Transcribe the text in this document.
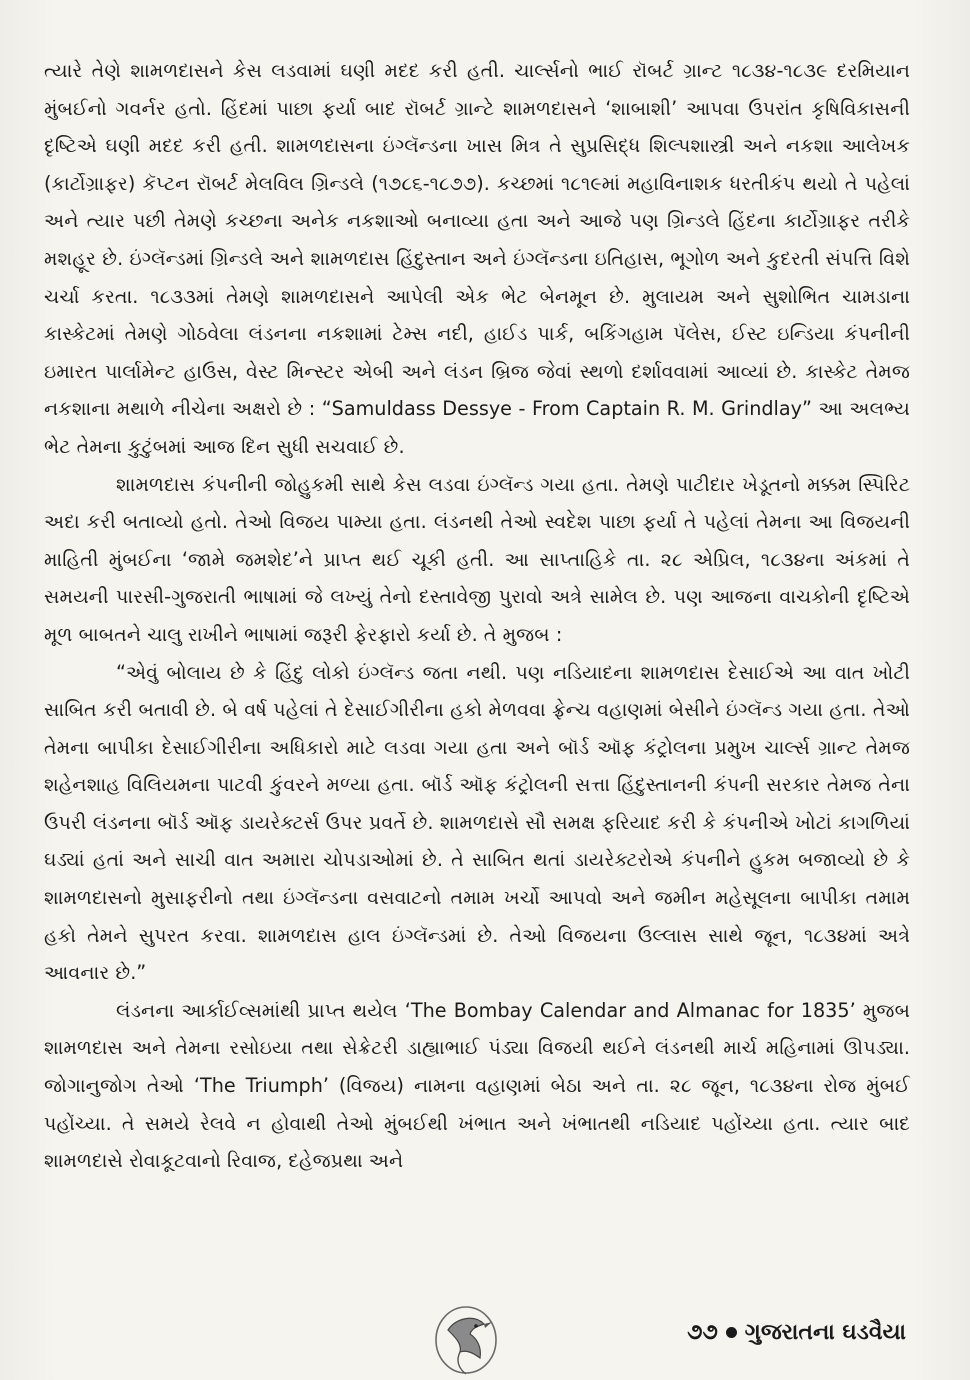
ત્યારે તેણે શામળદાસને કેસ લડવામાં ઘણી મદદ કરી હતી. ચાર્લ્સનો ભાઈ રૉબર્ટ ગ્રાન્ટ ૧૮૩૪-૧૮૩૯ દરમિયાન મુંબઈનો ગવર્નર હતો. હિંદમાં પાછા ફર્યા બાદ રૉબર્ટ ગ્રાન્ટે શામળદાસને ‘શાબાશી’ આપવા ઉપરાંત કૃષિવિકાસની દૃષ્ટિએ ઘણી મદદ કરી હતી. શામળદાસના ઇંગ્લૅન્ડના ખાસ મિત્ર તે સુપ્રસિદ્ધ શિલ્પશાસ્ત્રી અને નકશા આલેખક (કાર્ટોગ્રાફર) કૅપ્ટન રૉબર્ટ મેલવિલ ગ્રિન્ડલે (૧૭૮૬-૧૮૭૭). કચ્છમાં ૧૮૧૯માં મહાવિનાશક ધરતીકંપ થયો તે પહેલાં અને ત્યાર પછી તેમણે કચ્છના અનેક નકશાઓ બનાવ્યા હતા અને આજે પણ ગ્રિન્ડલે હિંદના કાર્ટોગ્રાફર તરીકે મશહૂર છે. ઇંગ્લૅન્ડમાં ગ્રિન્ડલે અને શામળદાસ હિંદુસ્તાન અને ઇંગ્લૅન્ડના ઇતિહાસ, ભૂગોળ અને કુદરતી સંપત્તિ વિશે ચર્ચા કરતા. ૧૮૩૩માં તેમણે શામળદાસને આપેલી એક ભેટ બેનમૂન છે. મુલાયમ અને સુશોભિત ચામડાના કાસ્કેટમાં તેમણે ગોઠવેલા લંડનના નકશામાં ટેમ્સ નદી, હાઈડ પાર્ક, બકિંગહામ પૅલેસ, ઈસ્ટ ઇન્ડિયા કંપનીની ઇમારત પાર્લામેન્ટ હાઉસ, વેસ્ટ મિન્સ્ટર એબી અને લંડન બ્રિજ જેવાં સ્થળો દર્શાવવામાં આવ્યાં છે. કાસ્કેટ તેમજ નકશાના મથાળે નીચેના અક્ષરો છે : “Samuldass Dessye - From Captain R. M. Grindlay” આ અલભ્ય ભેટ તેમના કુટુંબમાં આજ દિન સુધી સચવાઈ છે.

શામળદાસ કંપનીની જોહુકમી સાથે કેસ લડવા ઇંગ્લૅન્ડ ગયા હતા. તેમણે પાટીદાર ખેડૂતનો મક્કમ સ્પિરિટ અદા કરી બતાવ્યો હતો. તેઓ વિજય પામ્યા હતા. લંડનથી તેઓ સ્વદેશ પાછા ફર્યા તે પહેલાં તેમના આ વિજયની માહિતી મુંબઈના ‘જામે જમશેદ’ને પ્રાપ્ત થઈ ચૂકી હતી. આ સાપ્તાહિકે તા. ૨૮ એપ્રિલ, ૧૮૩૪ના અંકમાં તે સમયની પારસી-ગુજરાતી ભાષામાં જે લખ્યું તેનો દસ્તાવેજી પુરાવો અત્રે સામેલ છે. પણ આજના વાચકોની દૃષ્ટિએ મૂળ બાબતને ચાલુ રાખીને ભાષામાં જરૂરી ફેરફારો કર્યા છે. તે મુજબ :

“એવું બોલાય છે કે હિંદુ લોકો ઇંગ્લૅન્ડ જતા નથી. પણ નડિયાદના શામળદાસ દેસાઈએ આ વાત ખોટી સાબિત કરી બતાવી છે. બે વર્ષ પહેલાં તે દેસાઈગીરીના હકો મેળવવા ફ્રેન્ચ વહાણમાં બેસીને ઇંગ્લૅન્ડ ગયા હતા. તેઓ તેમના બાપીકા દેસાઈગીરીના અધિકારો માટે લડવા ગયા હતા અને બૉર્ડ ઑફ કંટ્રોલના પ્રમુખ ચાર્લ્સ ગ્રાન્ટ તેમજ શહેનશાહ વિલિયમના પાટવી કુંવરને મળ્યા હતા. બૉર્ડ ઑફ કંટ્રોલની સત્તા હિંદુસ્તાનની કંપની સરકાર તેમજ તેના ઉપરી લંડનના બૉર્ડ ઑફ ડાયરેક્ટર્સ ઉપર પ્રવર્તે છે. શામળદાસે સૌ સમક્ષ ફરિયાદ કરી કે કંપનીએ ખોટાં કાગળિયાં ઘડ્યાં હતાં અને સાચી વાત અમારા ચોપડાઓમાં છે. તે સાબિત થતાં ડાયરેક્ટરોએ કંપનીને હુકમ બજાવ્યો છે કે શામળદાસનો મુસાફરીનો તથા ઇંગ્લૅન્ડના વસવાટનો તમામ ખર્ચો આપવો અને જમીન મહેસૂલના બાપીકા તમામ હકો તેમને સુપરત કરવા. શામળદાસ હાલ ઇંગ્લૅન્ડમાં છે. તેઓ વિજયના ઉલ્લાસ સાથે જૂન, ૧૮૩૪માં અત્રે આવનાર છે.”

લંડનના આર્કાઈવ્સમાંથી પ્રાપ્ત થયેલ ‘The Bombay Calendar and Almanac for 1835’ મુજબ શામળદાસ અને તેમના રસોઇયા તથા સેક્રેટરી ડાહ્યાભાઈ પંડ્યા વિજયી થઈને લંડનથી માર્ચ મહિનામાં ઊપડ્યા. જોગાનુજોગ તેઓ ‘The Triumph’ (વિજય) નામના વહાણમાં બેઠા અને તા. ૨૮ જૂન, ૧૮૩૪ના રોજ મુંબઈ પહોંચ્યા. તે સમયે રેલવે ન હોવાથી તેઓ મુંબઈથી ખંભાત અને ખંભાતથી નડિયાદ પહોંચ્યા હતા. ત્યાર બાદ શામળદાસે રોવાકૂટવાનો રિવાજ, દહેજપ્રથા અને

૭૭ ગુજરાતના ઘડવૈયા
